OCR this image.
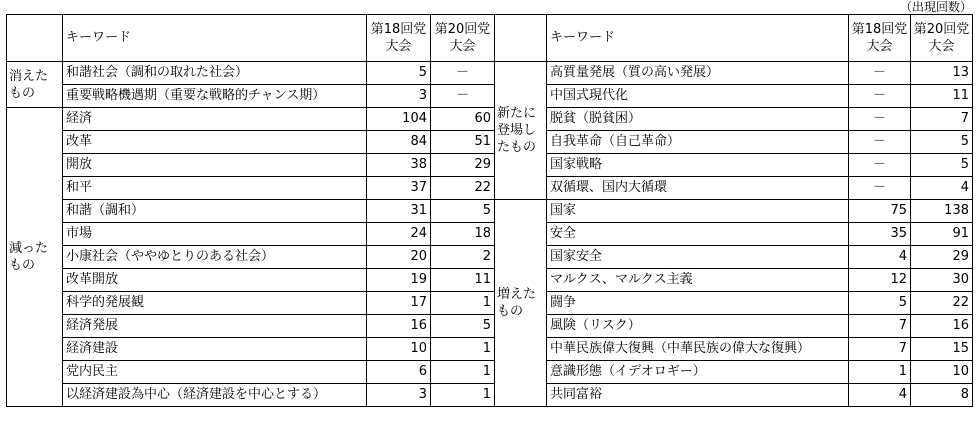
（出現回数）
	キーワード	第18回党大会	第20回党大会		キーワード	第18回党大会	第20回党大会
消えたもの	和諧社会（調和の取れた社会）	5	－	新たに登場したもの	高質量発展（質の高い発展）	－	13
	重要戦略機遇期（重要な戦略的チャンス期）	3	－		中国式現代化	－	11
減ったもの	経済	104	60		脱貧（脱貧困）	－	7
	改革	84	51		自我革命（自己革命）	－	5
	開放	38	29		国家戦略	－	5
	和平	37	22		双循環、国内大循環	－	4
	和諧（調和）	31	5	増えたもの	国家	75	138
	市場	24	18		安全	35	91
	小康社会（ややゆとりのある社会）	20	2		国家安全	4	29
	改革開放	19	11		マルクス、マルクス主義	12	30
	科学的発展観	17	1		闘争	5	22
	経済発展	16	5		風険（リスク）	7	16
	経済建設	10	1		中華民族偉大復興（中華民族の偉大な復興）	7	15
	党内民主	6	1		意識形態（イデオロギー）	1	10
	以経済建設為中心（経済建設を中心とする）	3	1		共同富裕	4	8
